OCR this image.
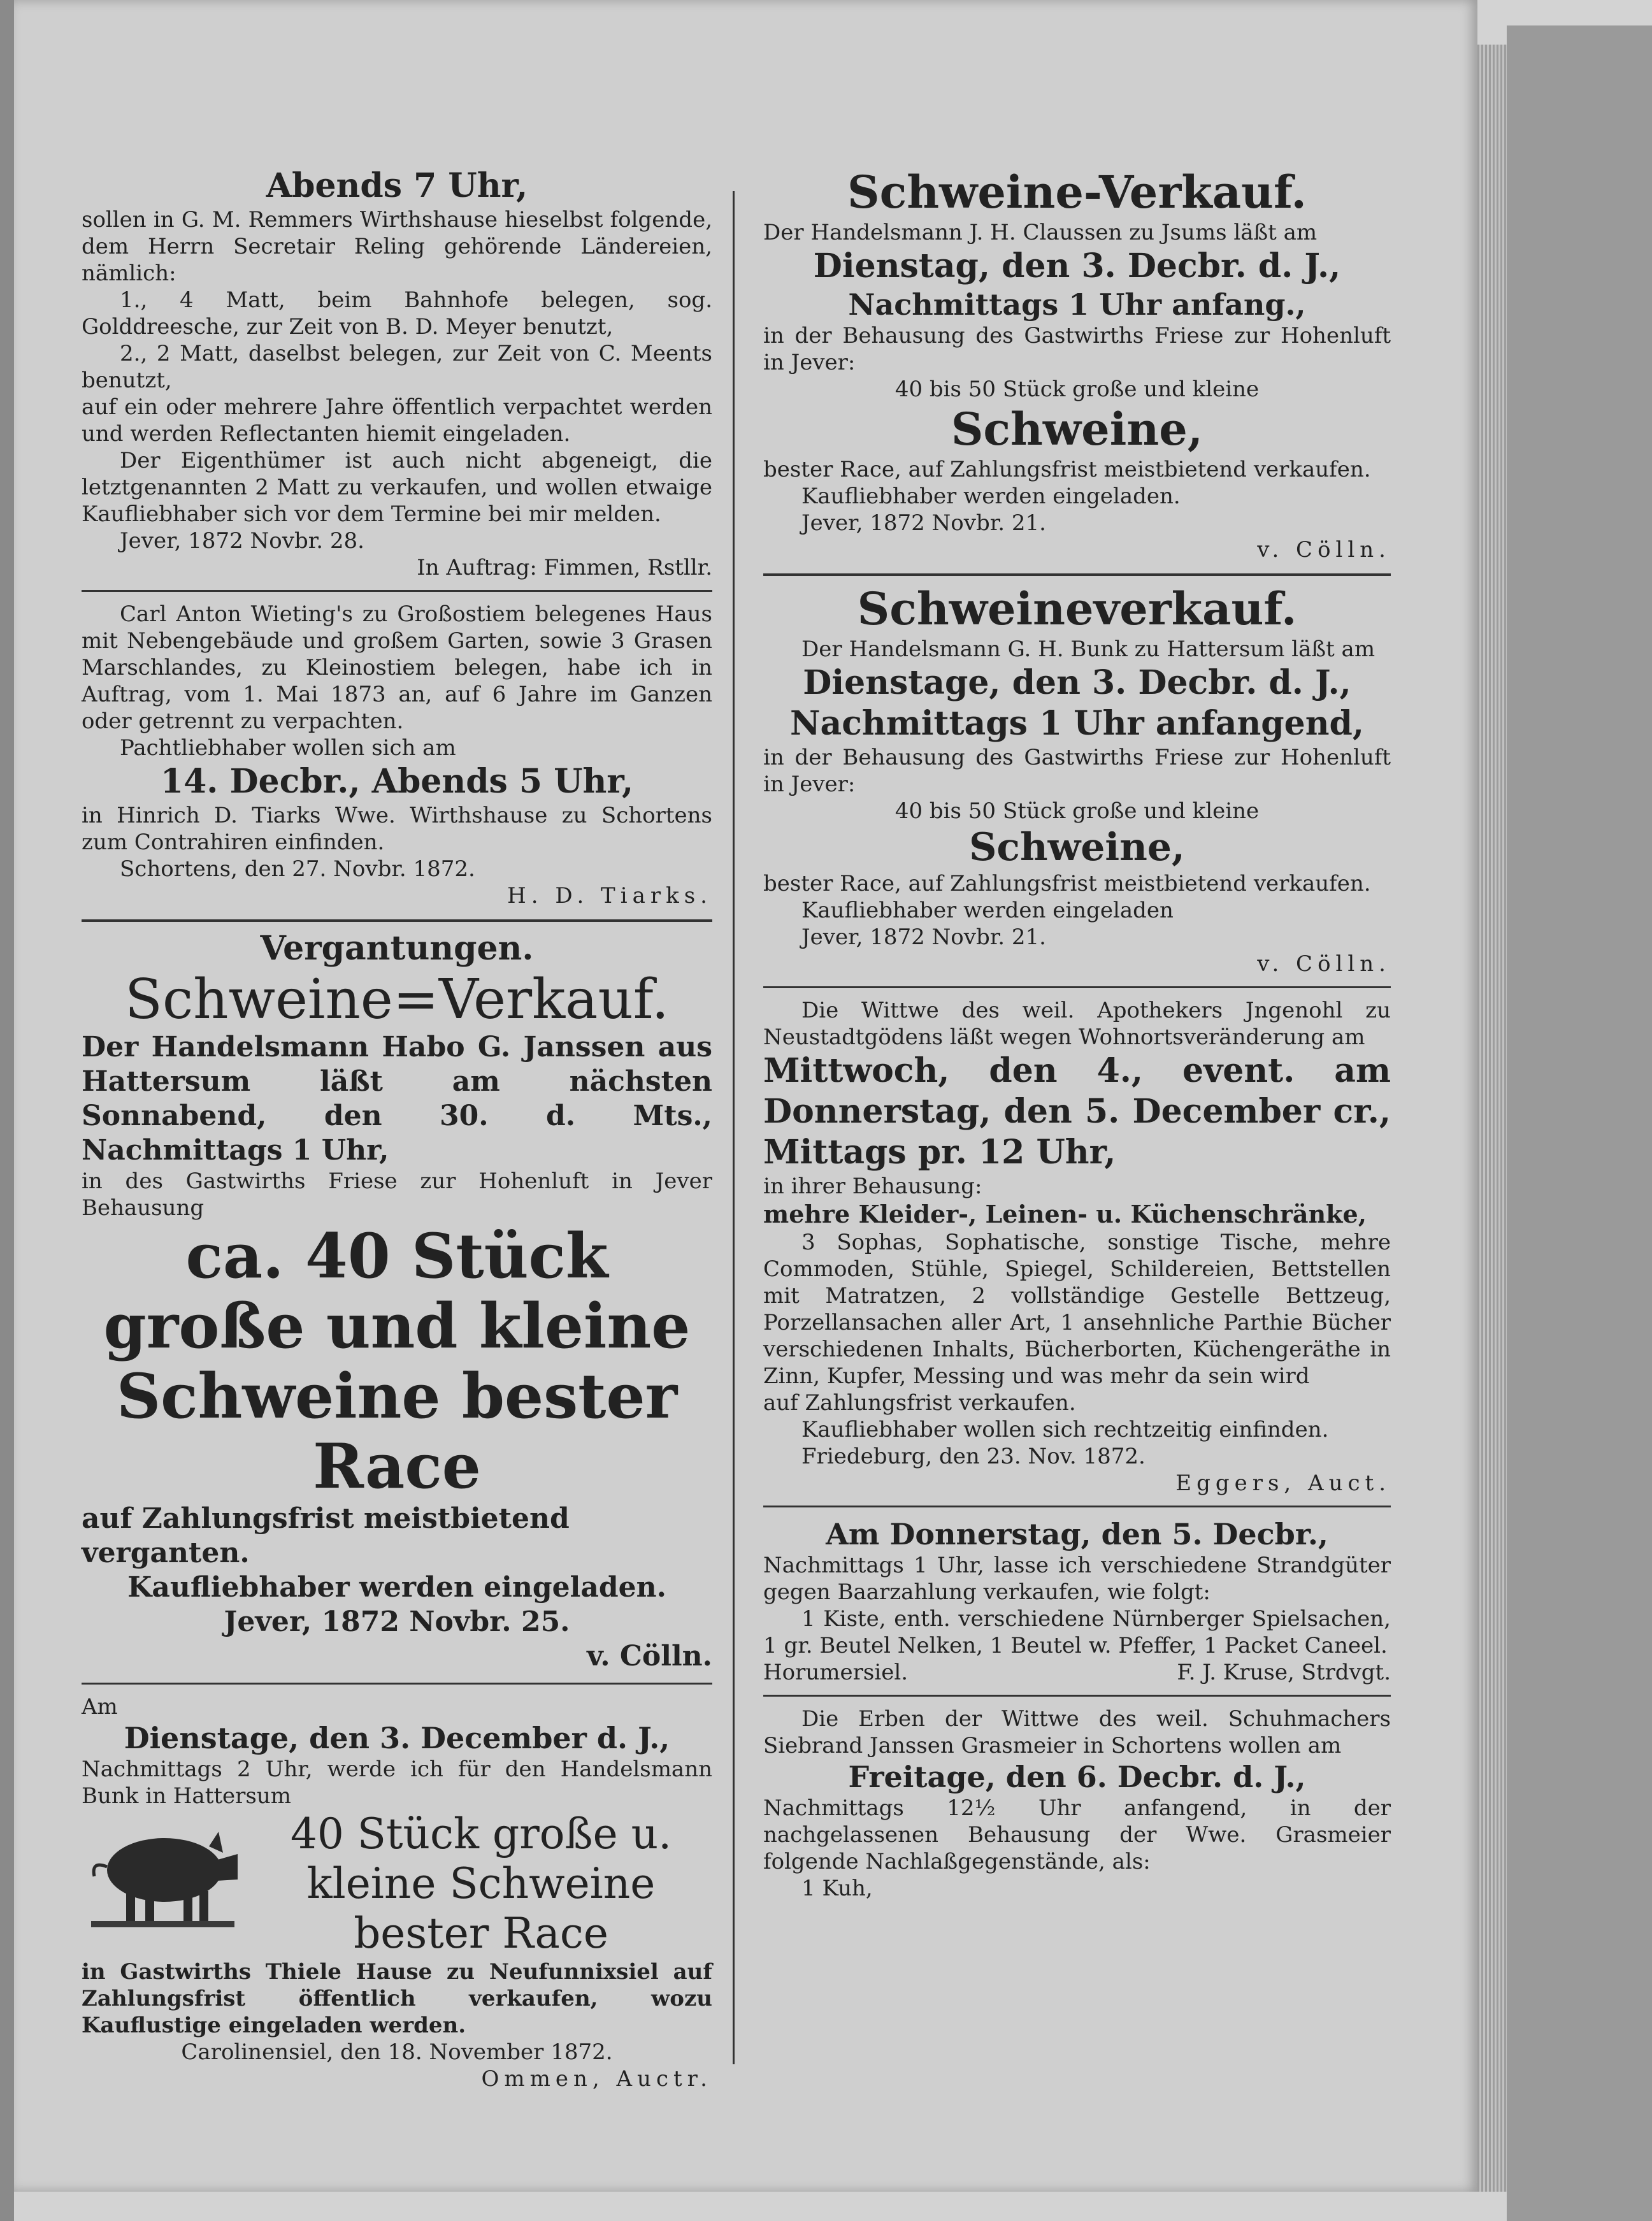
Abends 7 Uhr,

sollen in G. M. Remmers Wirthshause hieselbst folgende, dem Herrn Secretair Reling gehörende Ländereien, nämlich:

1., 4 Matt, beim Bahnhofe belegen, sog. Golddreesche, zur Zeit von B. D. Meyer benutzt,

2., 2 Matt, daselbst belegen, zur Zeit von C. Meents benutzt,

auf ein oder mehrere Jahre öffentlich verpachtet werden und werden Reflectanten hiemit eingeladen.

Der Eigenthümer ist auch nicht abgeneigt, die letztgenannten 2 Matt zu verkaufen, und wollen etwaige Kaufliebhaber sich vor dem Termine bei mir melden.

Jever, 1872 Novbr. 28.

In Auftrag: Fimmen, Rstllr.

Carl Anton Wieting's zu Großostiem belegenes Haus mit Nebengebäude und großem Garten, sowie 3 Grasen Marschlandes, zu Kleinostiem belegen, habe ich in Auftrag, vom 1. Mai 1873 an, auf 6 Jahre im Ganzen oder getrennt zu verpachten.

Pachtliebhaber wollen sich am

14. Decbr., Abends 5 Uhr,

in Hinrich D. Tiarks Wwe. Wirthshause zu Schortens zum Contrahiren einfinden.

Schortens, den 27. Novbr. 1872.

H. D. Tiarks.

Vergantungen.

Schweine=Verkauf.

Der Handelsmann Habo G. Janssen aus Hattersum läßt am nächsten Sonnabend, den 30. d. Mts., Nachmittags 1 Uhr,

in des Gastwirths Friese zur Hohenluft in Jever Behausung

ca. 40 Stück große und kleine Schweine bester Race

auf Zahlungsfrist meistbietend vergantеn.

Kaufliebhaber werden eingeladen.

Jever, 1872 Novbr. 25.

v. Cölln.

Am

Dienstage, den 3. December d. J.,

Nachmittags 2 Uhr, werde ich für den Handelsmann Bunk in Hattersum

40 Stück große u. kleine Schweine bester Race

in Gastwirths Thiele Hause zu Neufunnixsiel auf Zahlungsfrist öffentlich verkaufen, wozu Kauflustige eingeladen werden.

Carolinensiel, den 18. November 1872.

Ommen, Auctr.

Schweine-Verkauf.

Der Handelsmann J. H. Claussen zu Jsums läßt am

Dienstag, den 3. Decbr. d. J.,

Nachmittags 1 Uhr anfang.,

in der Behausung des Gastwirths Friese zur Hohenluft in Jever:

40 bis 50 Stück große und kleine

Schweine,

bester Race, auf Zahlungsfrist meistbietend verkaufen.

Kaufliebhaber werden eingeladen.

Jever, 1872 Novbr. 21.

v. Cölln.

Schweineverkauf.

Der Handelsmann G. H. Bunk zu Hattersum läßt am

Dienstage, den 3. Decbr. d. J.,

Nachmittags 1 Uhr anfangend,

in der Behausung des Gastwirths Friese zur Hohenluft in Jever:

40 bis 50 Stück große und kleine

Schweine,

bester Race, auf Zahlungsfrist meistbietend verkaufen.

Kaufliebhaber werden eingeladen

Jever, 1872 Novbr. 21.

v. Cölln.

Die Wittwe des weil. Apothekers Jngenohl zu Neustadtgödens läßt wegen Wohnortsveränderung am

Mittwoch, den 4., event. am Donnerstag, den 5. December cr., Mittags pr. 12 Uhr,

in ihrer Behausung:

mehre Kleider-, Leinen- u. Küchenschränke,

3 Sophas, Sophatische, sonstige Tische, mehre Commoden, Stühle, Spiegel, Schildereien, Bettstellen mit Matratzen, 2 vollständige Gestelle Bettzeug, Porzellansachen aller Art, 1 ansehnliche Parthie Bücher verschiedenen Inhalts, Bücherborten, Küchengeräthe in Zinn, Kupfer, Messing und was mehr da sein wird

auf Zahlungsfrist verkaufen.

Kaufliebhaber wollen sich rechtzeitig einfinden.

Friedeburg, den 23. Nov. 1872.

Eggers, Auct.

Am Donnerstag, den 5. Decbr.,

Nachmittags 1 Uhr, lasse ich verschiedene Strandgüter gegen Baarzahlung verkaufen, wie folgt:

1 Kiste, enth. verschiedene Nürnberger Spielsachen, 1 gr. Beutel Nelken, 1 Beutel w. Pfeffer, 1 Packet Caneel.

Horumersiel.	F. J. Kruse, Strdvgt.

Die Erben der Wittwe des weil. Schuhmachers Siebrand Janssen Grasmeier in Schortens wollen am

Freitage, den 6. Decbr. d. J.,

Nachmittags 12½ Uhr anfangend, in der nachgelassenen Behausung der Wwe. Grasmeier folgende Nachlaßgegenstände, als:

1 Kuh,
